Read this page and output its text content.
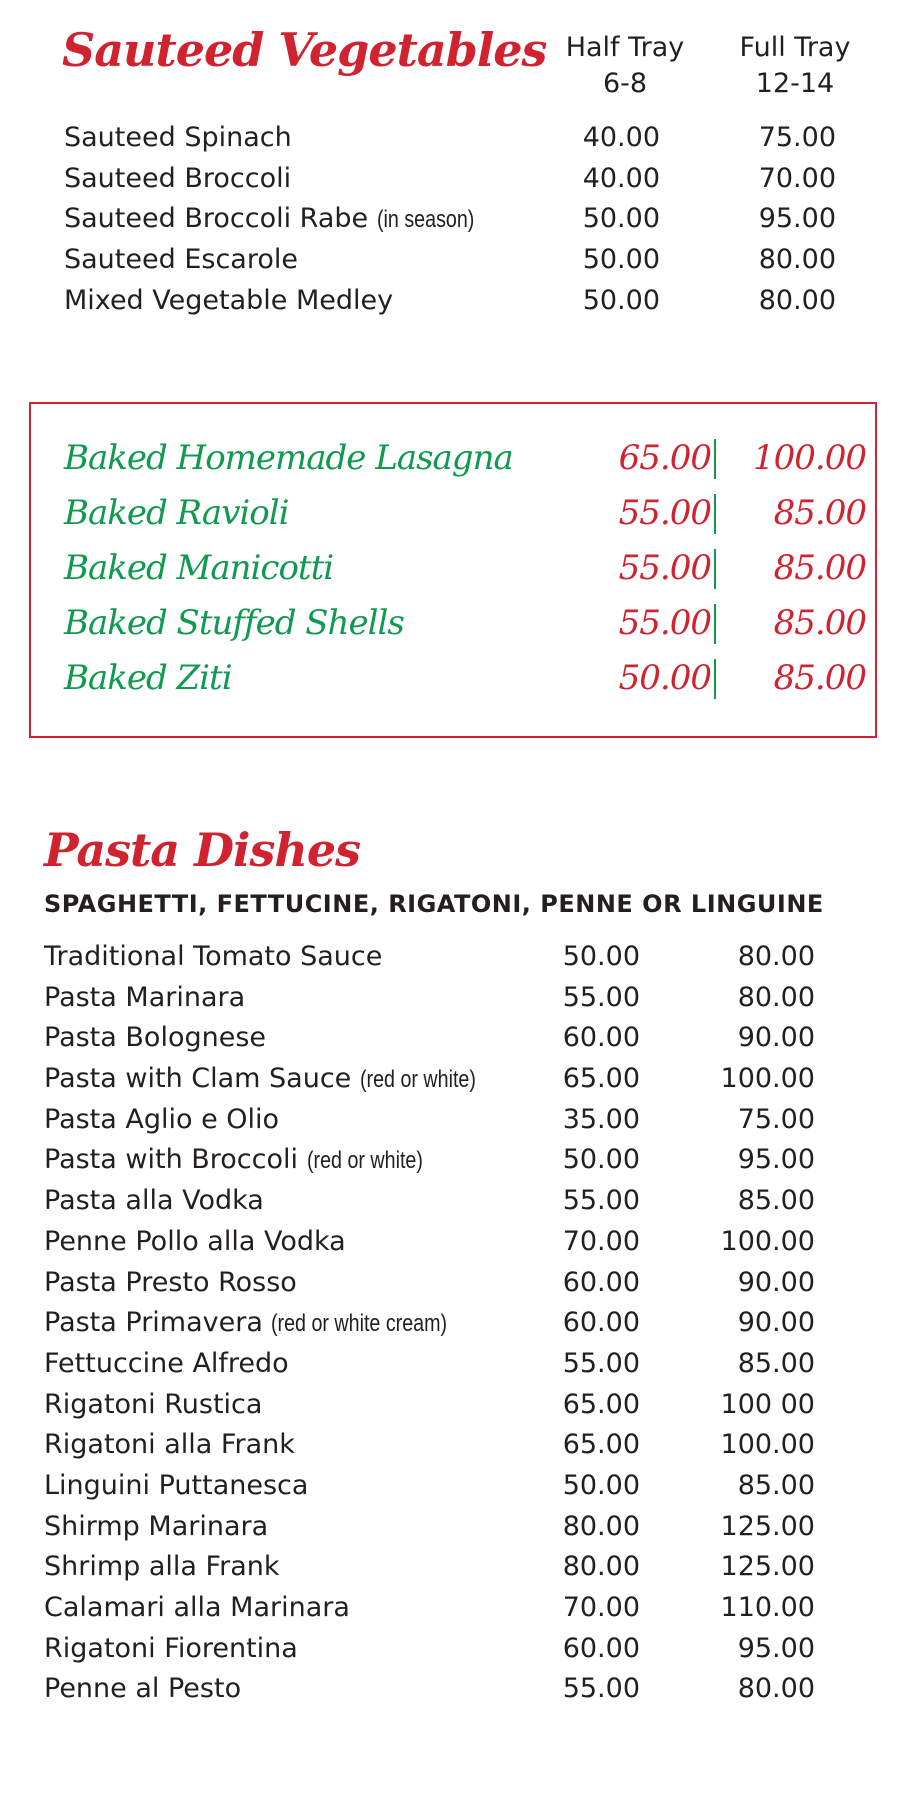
Sauteed Vegetables Half Tray
6-8
Full Tray
12-14
Sauteed Spinach	40.00	75.00
Sauteed Broccoli	40.00	70.00
Sauteed Broccoli Rabe (in season)	50.00	95.00
Sauteed Escarole	50.00	80.00
Mixed Vegetable Medley	50.00	80.00
Baked Homemade Lasagna	65.00	100.00
Baked Ravioli	55.00	85.00
Baked Manicotti	55.00	85.00
Baked Stuffed Shells	55.00	85.00
Baked Ziti	50.00	85.00
Pasta Dishes
SPAGHETTI, FETTUCINE, RIGATONI, PENNE OR LINGUINE
Traditional Tomato Sauce	50.00	80.00
Pasta Marinara	55.00	80.00
Pasta Bolognese	60.00	90.00
Pasta with Clam Sauce (red or white)	65.00	100.00
Pasta Aglio e Olio	35.00	75.00
Pasta with Broccoli (red or white)	50.00	95.00
Pasta alla Vodka	55.00	85.00
Penne Pollo alla Vodka	70.00	100.00
Pasta Presto Rosso	60.00	90.00
Pasta Primavera (red or white cream)	60.00	90.00
Fettuccine Alfredo	55.00	85.00
Rigatoni Rustica	65.00	100 00
Rigatoni alla Frank	65.00	100.00
Linguini Puttanesca	50.00	85.00
Shirmp Marinara	80.00	125.00
Shrimp alla Frank	80.00	125.00
Calamari alla Marinara	70.00	110.00
Rigatoni Fiorentina	60.00	95.00
Penne al Pesto	55.00	80.00
